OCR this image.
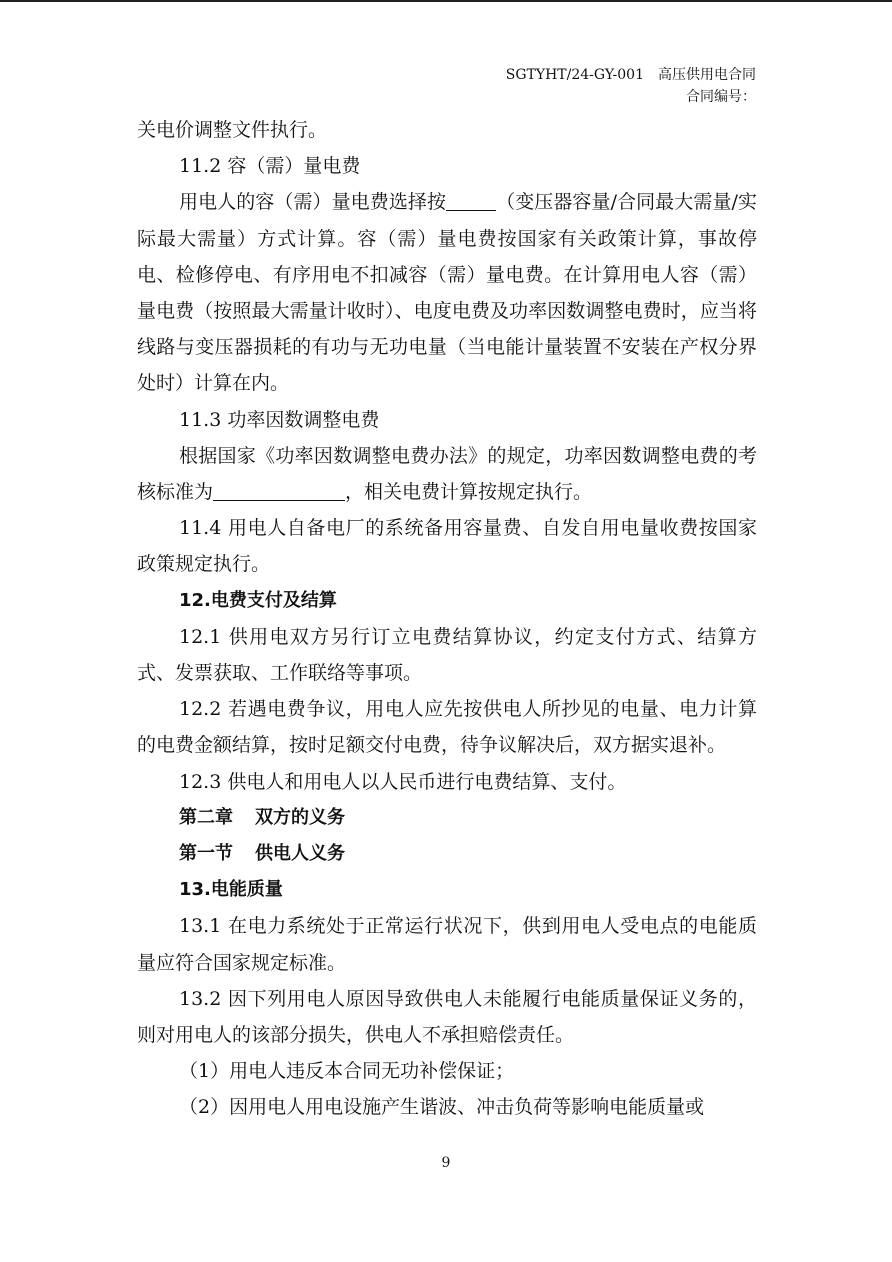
SGTYHT/24-GY-001　高压供用电合同
合同编号：

关电价调整文件执行。

11.2 容（需）量电费

用电人的容（需）量电费选择按	（变压器容量/合同最大需量/实际最大需量）方式计算。容（需）量电费按国家有关政策计算，事故停电、检修停电、有序用电不扣减容（需）量电费。在计算用电人容（需）量电费（按照最大需量计收时）、电度电费及功率因数调整电费时，应当将线路与变压器损耗的有功与无功电量（当电能计量装置不安装在产权分界处时）计算在内。

11.3 功率因数调整电费

根据国家《功率因数调整电费办法》的规定，功率因数调整电费的考核标准为	，相关电费计算按规定执行。

11.4 用电人自备电厂的系统备用容量费、自发自用电量收费按国家政策规定执行。

12.电费支付及结算

12.1 供用电双方另行订立电费结算协议，约定支付方式、结算方式、发票获取、工作联络等事项。

12.2 若遇电费争议，用电人应先按供电人所抄见的电量、电力计算的电费金额结算，按时足额交付电费，待争议解决后，双方据实退补。

12.3 供电人和用电人以人民币进行电费结算、支付。

第二章 双方的义务

第一节 供电人义务

13.电能质量

13.1 在电力系统处于正常运行状况下，供到用电人受电点的电能质量应符合国家规定标准。

13.2 因下列用电人原因导致供电人未能履行电能质量保证义务的，则对用电人的该部分损失，供电人不承担赔偿责任。

（1）用电人违反本合同无功补偿保证；

（2）因用电人用电设施产生谐波、冲击负荷等影响电能质量或

9
